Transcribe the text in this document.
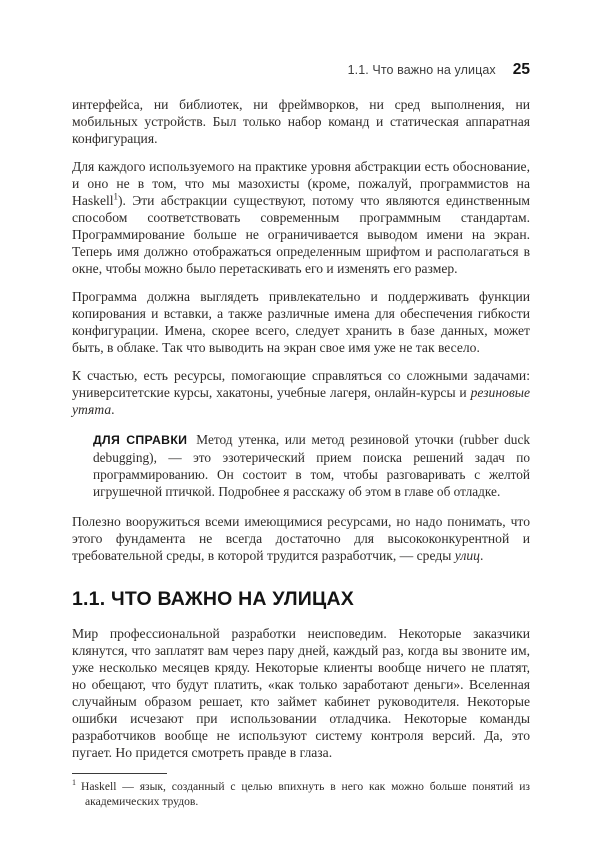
1.1. Что важно на улицах 25

интерфейса, ни библиотек, ни фреймворков, ни сред выполнения, ни мобильных устройств. Был только набор команд и статическая аппаратная конфигурация.

Для каждого используемого на практике уровня абстракции есть обоснование, и оно не в том, что мы мазохисты (кроме, пожалуй, программистов на Haskell$^1$). Эти абстракции существуют, потому что являются единственным способом соответствовать современным программным стандартам. Программирование больше не ограничивается выводом имени на экран. Теперь имя должно отображаться определенным шрифтом и располагаться в окне, чтобы можно было перетаскивать его и изменять его размер.

Программа должна выглядеть привлекательно и поддерживать функции копирования и вставки, а также различные имена для обеспечения гибкости конфигурации. Имена, скорее всего, следует хранить в базе данных, может быть, в облаке. Так что выводить на экран свое имя уже не так весело.

К счастью, есть ресурсы, помогающие справляться со сложными задачами: университетские курсы, хакатоны, учебные лагеря, онлайн-курсы и резиновые утята.

ДЛЯ СПРАВКИ Метод утенка, или метод резиновой уточки (rubber duck debugging), — это эзотерический прием поиска решений задач по программированию. Он состоит в том, чтобы разговаривать с желтой игрушечной птичкой. Подробнее я расскажу об этом в главе об отладке.

Полезно вооружиться всеми имеющимися ресурсами, но надо понимать, что этого фундамента не всегда достаточно для высококонкурентной и требовательной среды, в которой трудится разработчик, — среды улиц.

1.1. ЧТО ВАЖНО НА УЛИЦАХ

Мир профессиональной разработки неисповедим. Некоторые заказчики клянутся, что заплатят вам через пару дней, каждый раз, когда вы звоните им, уже несколько месяцев кряду. Некоторые клиенты вообще ничего не платят, но обещают, что будут платить, «как только заработают деньги». Вселенная случайным образом решает, кто займет кабинет руководителя. Некоторые ошибки исчезают при использовании отладчика. Некоторые команды разработчиков вообще не используют систему контроля версий. Да, это пугает. Но придется смотреть правде в глаза.

$^1$ Haskell — язык, созданный с целью впихнуть в него как можно больше понятий из академических трудов.
